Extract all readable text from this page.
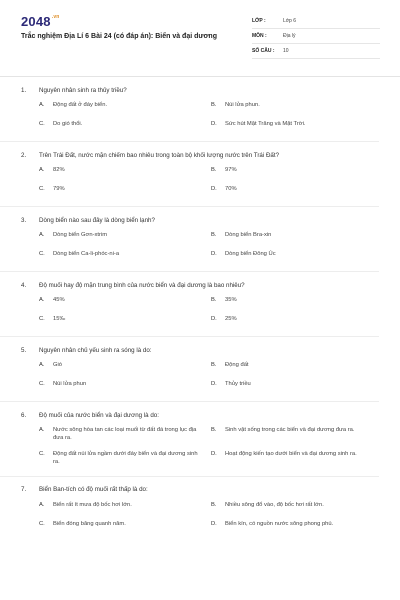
$2048^{.vn}$
Trắc nghiệm Địa Lí 6 Bài 24 (có đáp án): Biển và đại dương
LỚP :	Lớp 6
MÔN :	Địa lý
SỐ CÂU :	10
1.	Nguyên nhân sinh ra thủy triều?
A.	Động đất ở đáy biển.	B.	Núi lửa phun.
C.	Do gió thổi.	D.	Sức hút Mặt Trăng và Mặt Trời.
2.	Trên Trái Đất, nước mặn chiếm bao nhiêu trong toàn bộ khối lượng nước trên Trái Đất?
A.	82%	B.	97%
C.	79%	D.	70%
3.	Dòng biển nào sau đây là dòng biển lạnh?
A.	Dòng biển Gơn-xtrim	B.	Dòng biển Bra-xin
C.	Dòng biển Ca-li-phóc-ni-a	D.	Dòng biển Đông Úc
4.	Độ muối hay độ mặn trung bình của nước biển và đại dương là bao nhiêu?
A.	45%	B.	35%
C.	15‰	D.	25%
5.	Nguyên nhân chủ yếu sinh ra sóng là do:
A.	Gió	B.	Động đất
C.	Núi lửa phun	D.	Thủy triều
6.	Độ muối của nước biển và đại dương là do:
A.	Nước sông hòa tan các loại muối từ đất đá trong lục địa đưa ra.
B.	Sinh vật sống trong các biển và đại dương đưa ra.
C.	Động đất núi lửa ngầm dưới đáy biển và đại dương sinh ra.
D.	Hoạt động kiến tạo dưới biển và đại dương sinh ra.
7.	Biển Ban-tích có độ muối rất thấp là do:
A.	Biển rất ít mưa độ bốc hơi lớn.	B.	Nhiều sông đổ vào, độ bốc hơi rất lớn.
C.	Biển đóng băng quanh năm.	D.	Biển kín, có nguồn nước sông phong phú.
